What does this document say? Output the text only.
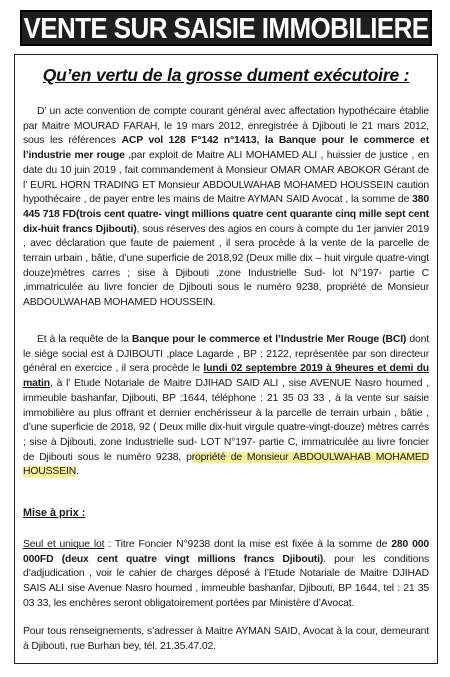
VENTE SUR SAISIE IMMOBILIERE
Qu’en vertu de la grosse dument exécutoire :

D’ un acte convention de compte courant général avec affectation hypothécaire établie par Maitre MOURAD FARAH, le 19 mars 2012, enregistrée à Djibouti le 21 mars 2012, sous les références ACP vol 128 F°142 n°1413, la Banque pour le commerce et l’industrie mer rouge ,par exploit de Maitre ALI MOHAMED ALI , huissier de justice , en date du 10 juin 2019 , fait commandement à Monsieur OMAR OMAR ABOKOR Gérant de l’ EURL HORN TRADING ET Monsieur ABDOULWAHAB MOHAMED HOUSSEIN caution hypothécaire , de payer entre les mains de Maitre AYMAN SAID Avocat , la somme de 380 445 718 FD(trois cent quatre- vingt millions quatre cent quarante cinq mille sept cent dix-huit francs Djibouti), sous réserves des agios en cours à compte du 1er janvier 2019 , avec déclaration que faute de paiement , il sera procède à la vente de la parcelle de terrain urbain , bâtie, d’une superficie de 2018,92 (Deux mille dix – huit virgule quatre-vingt douze)mètres carres ; sise à Djibouti ,zone Industrielle Sud- lot N°197- partie C ,immatriculée au livre foncier de Djibouti sous le numéro 9238, propriété de Monsieur ABDOULWAHAB MOHAMED HOUSSEIN.

Et à la requête de la Banque pour le commerce et l’Industrie Mer Rouge (BCI) dont le siège social est à DJIBOUTI ,place Lagarde , BP : 2122, représentée par son directeur général en exercice , il sera procède le lundi 02 septembre 2019 à 9heures et demi du matin, à l’ Etude Notariale de Maitre DJIHAD SAID ALI , sise AVENUE Nasro houmed , immeuble bashanfar, Djibouti, BP :1644, téléphone : 21 35 03 33 , à la vente sur saisie immobilière au plus offrant et dernier enchérisseur à la parcelle de terrain urbain , bâtie , d’une superficie de 2018, 92 ( Deux mille dix-huit virgule quatre-vingt-douze) mètres carrés ; sise à Djibouti, zone Industrielle sud- LOT N°197- partie C, immatriculée au livre foncier de Djibouti sous le numéro 9238, propriété de Monsieur ABDOULWAHAB MOHAMED HOUSSEIN.

Mise à prix :

Seul et unique lot : Titre Foncier N°9238 dont la mise est fixée à la somme de 280 000 000FD (deux cent quatre vingt millions francs Djibouti). pour les conditions d’adjudication , voir le cahier de charges déposé à l’Etude Notariale de Maitre DJIHAD SAIS ALI sise Avenue Nasro houmed , immeuble bashanfar, Djibouti, BP 1644, tel : 21 35 03 33, les enchères seront obligatoirement portées par Ministère d’Avocat.

Pour tous renseignements, s’adresser à Maitre AYMAN SAID, Avocat à la cour, demeurant à Djibouti, rue Burhan bey, tél. 21.35.47.02.
